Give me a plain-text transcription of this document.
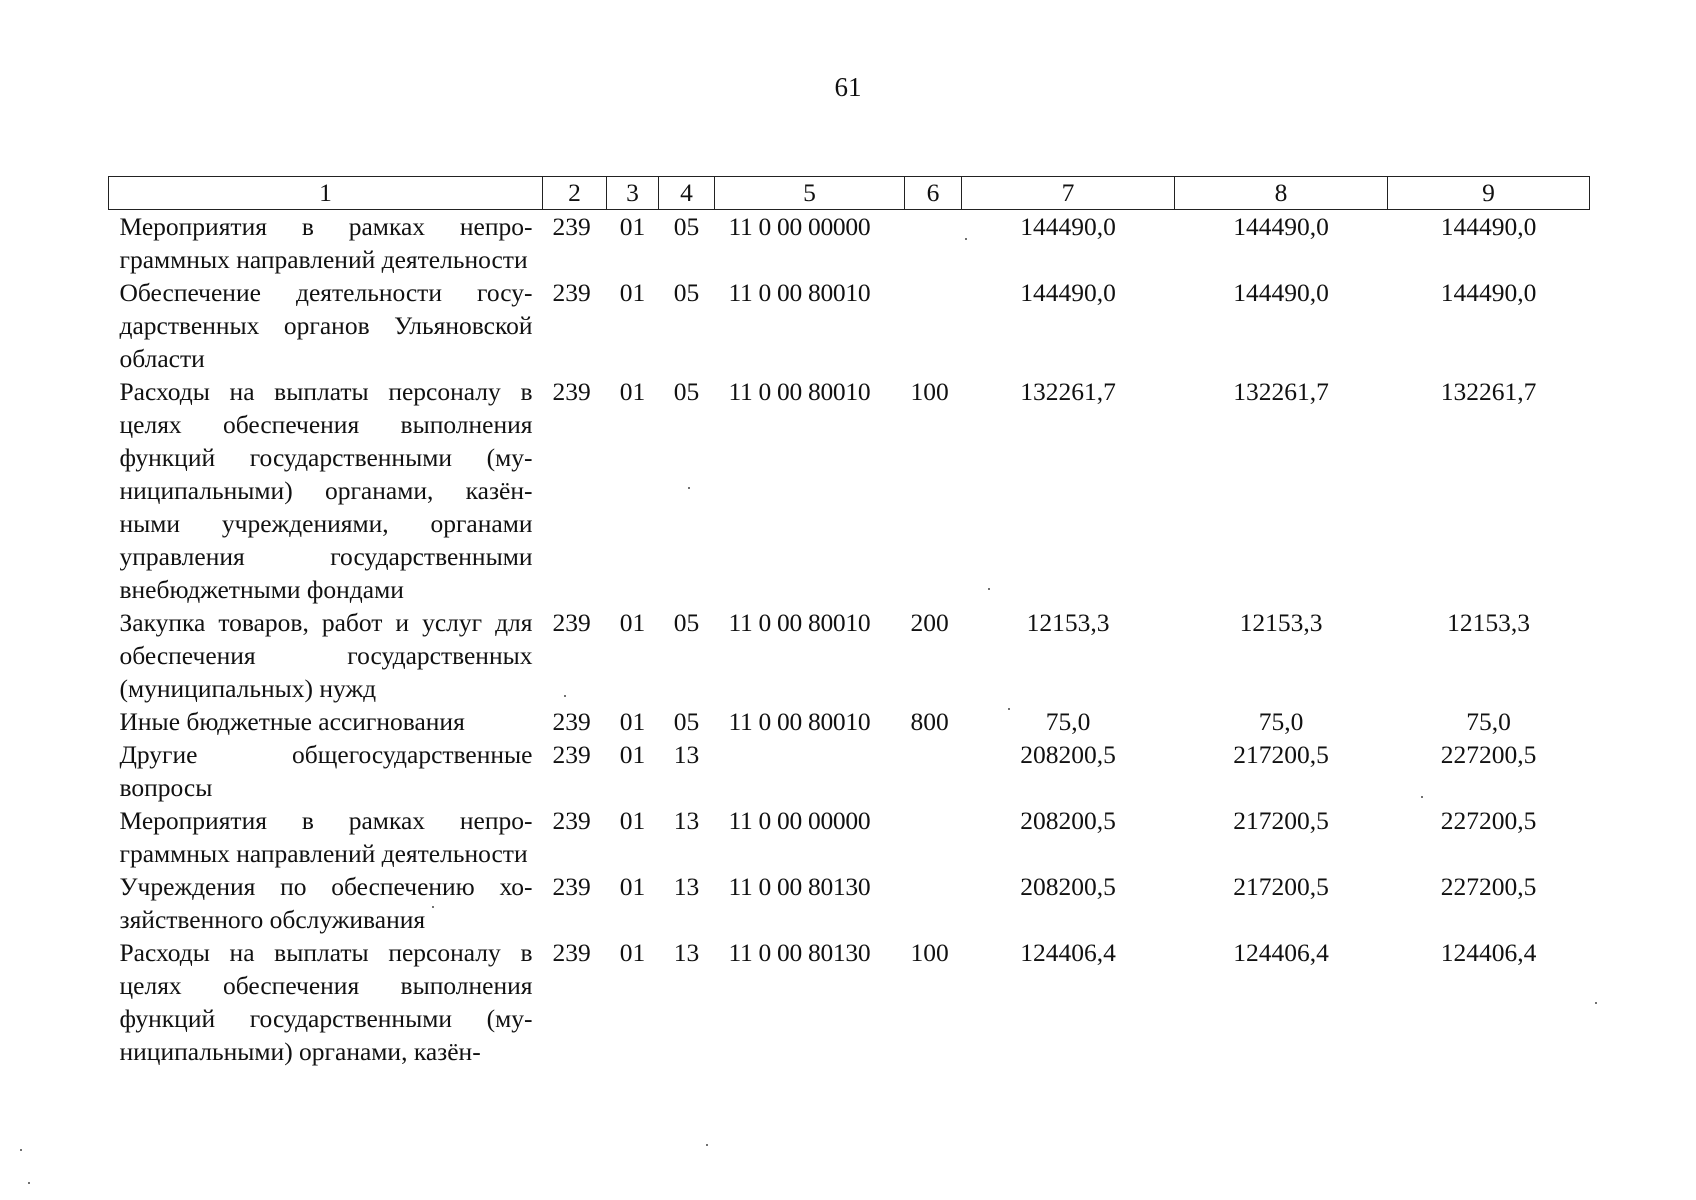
61
1	2	3	4	5	6	7	8	9
Мероприятия в рамках непрограммных направлений деятельности	239	01	05	11 0 00 00000		144490,0	144490,0	144490,0
Обеспечение деятельности государственных органов Ульяновской области	239	01	05	11 0 00 80010		144490,0	144490,0	144490,0
Расходы на выплаты персоналу в целях обеспечения выполнения функций государственными (муниципальными) органами, казёнными учреждениями, органами управления государственными внебюджетными фондами	239	01	05	11 0 00 80010	100	132261,7	132261,7	132261,7
Закупка товаров, работ и услуг для обеспечения государственных (муниципальных) нужд	239	01	05	11 0 00 80010	200	12153,3	12153,3	12153,3
Иные бюджетные ассигнования	239	01	05	11 0 00 80010	800	75,0	75,0	75,0
Другие общегосударственные вопросы	239	01	13			208200,5	217200,5	227200,5
Мероприятия в рамках непрограммных направлений деятельности	239	01	13	11 0 00 00000		208200,5	217200,5	227200,5
Учреждения по обеспечению хозяйственного обслуживания	239	01	13	11 0 00 80130		208200,5	217200,5	227200,5
Расходы на выплаты персоналу в целях обеспечения выполнения функций государственными (муниципальными) органами, казён-	239	01	13	11 0 00 80130	100	124406,4	124406,4	124406,4
